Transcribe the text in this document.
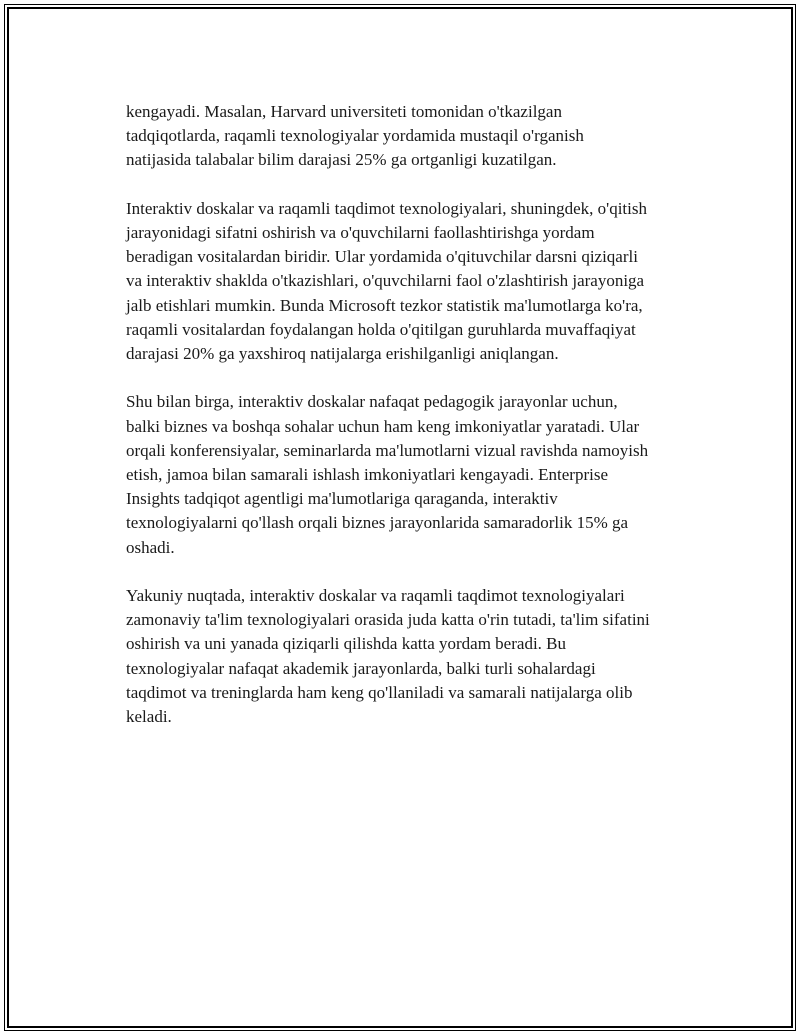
kengayadi. Masalan, Harvard universiteti tomonidan o'tkazilgan
tadqiqotlarda, raqamli texnologiyalar yordamida mustaqil o'rganish
natijasida talabalar bilim darajasi 25% ga ortganligi kuzatilgan.

Interaktiv doskalar va raqamli taqdimot texnologiyalari, shuningdek, o'qitish
jarayonidagi sifatni oshirish va o'quvchilarni faollashtirishga yordam
beradigan vositalardan biridir. Ular yordamida o'qituvchilar darsni qiziqarli
va interaktiv shaklda o'tkazishlari, o'quvchilarni faol o'zlashtirish jarayoniga
jalb etishlari mumkin. Bunda Microsoft tezkor statistik ma'lumotlarga ko'ra,
raqamli vositalardan foydalangan holda o'qitilgan guruhlarda muvaffaqiyat
darajasi 20% ga yaxshiroq natijalarga erishilganligi aniqlangan.

Shu bilan birga, interaktiv doskalar nafaqat pedagogik jarayonlar uchun,
balki biznes va boshqa sohalar uchun ham keng imkoniyatlar yaratadi. Ular
orqali konferensiyalar, seminarlarda ma'lumotlarni vizual ravishda namoyish
etish, jamoa bilan samarali ishlash imkoniyatlari kengayadi. Enterprise
Insights tadqiqot agentligi ma'lumotlariga qaraganda, interaktiv
texnologiyalarni qo'llash orqali biznes jarayonlarida samaradorlik 15% ga
oshadi.

Yakuniy nuqtada, interaktiv doskalar va raqamli taqdimot texnologiyalari
zamonaviy ta'lim texnologiyalari orasida juda katta o'rin tutadi, ta'lim sifatini
oshirish va uni yanada qiziqarli qilishda katta yordam beradi. Bu
texnologiyalar nafaqat akademik jarayonlarda, balki turli sohalardagi
taqdimot va treninglarda ham keng qo'llaniladi va samarali natijalarga olib
keladi.
